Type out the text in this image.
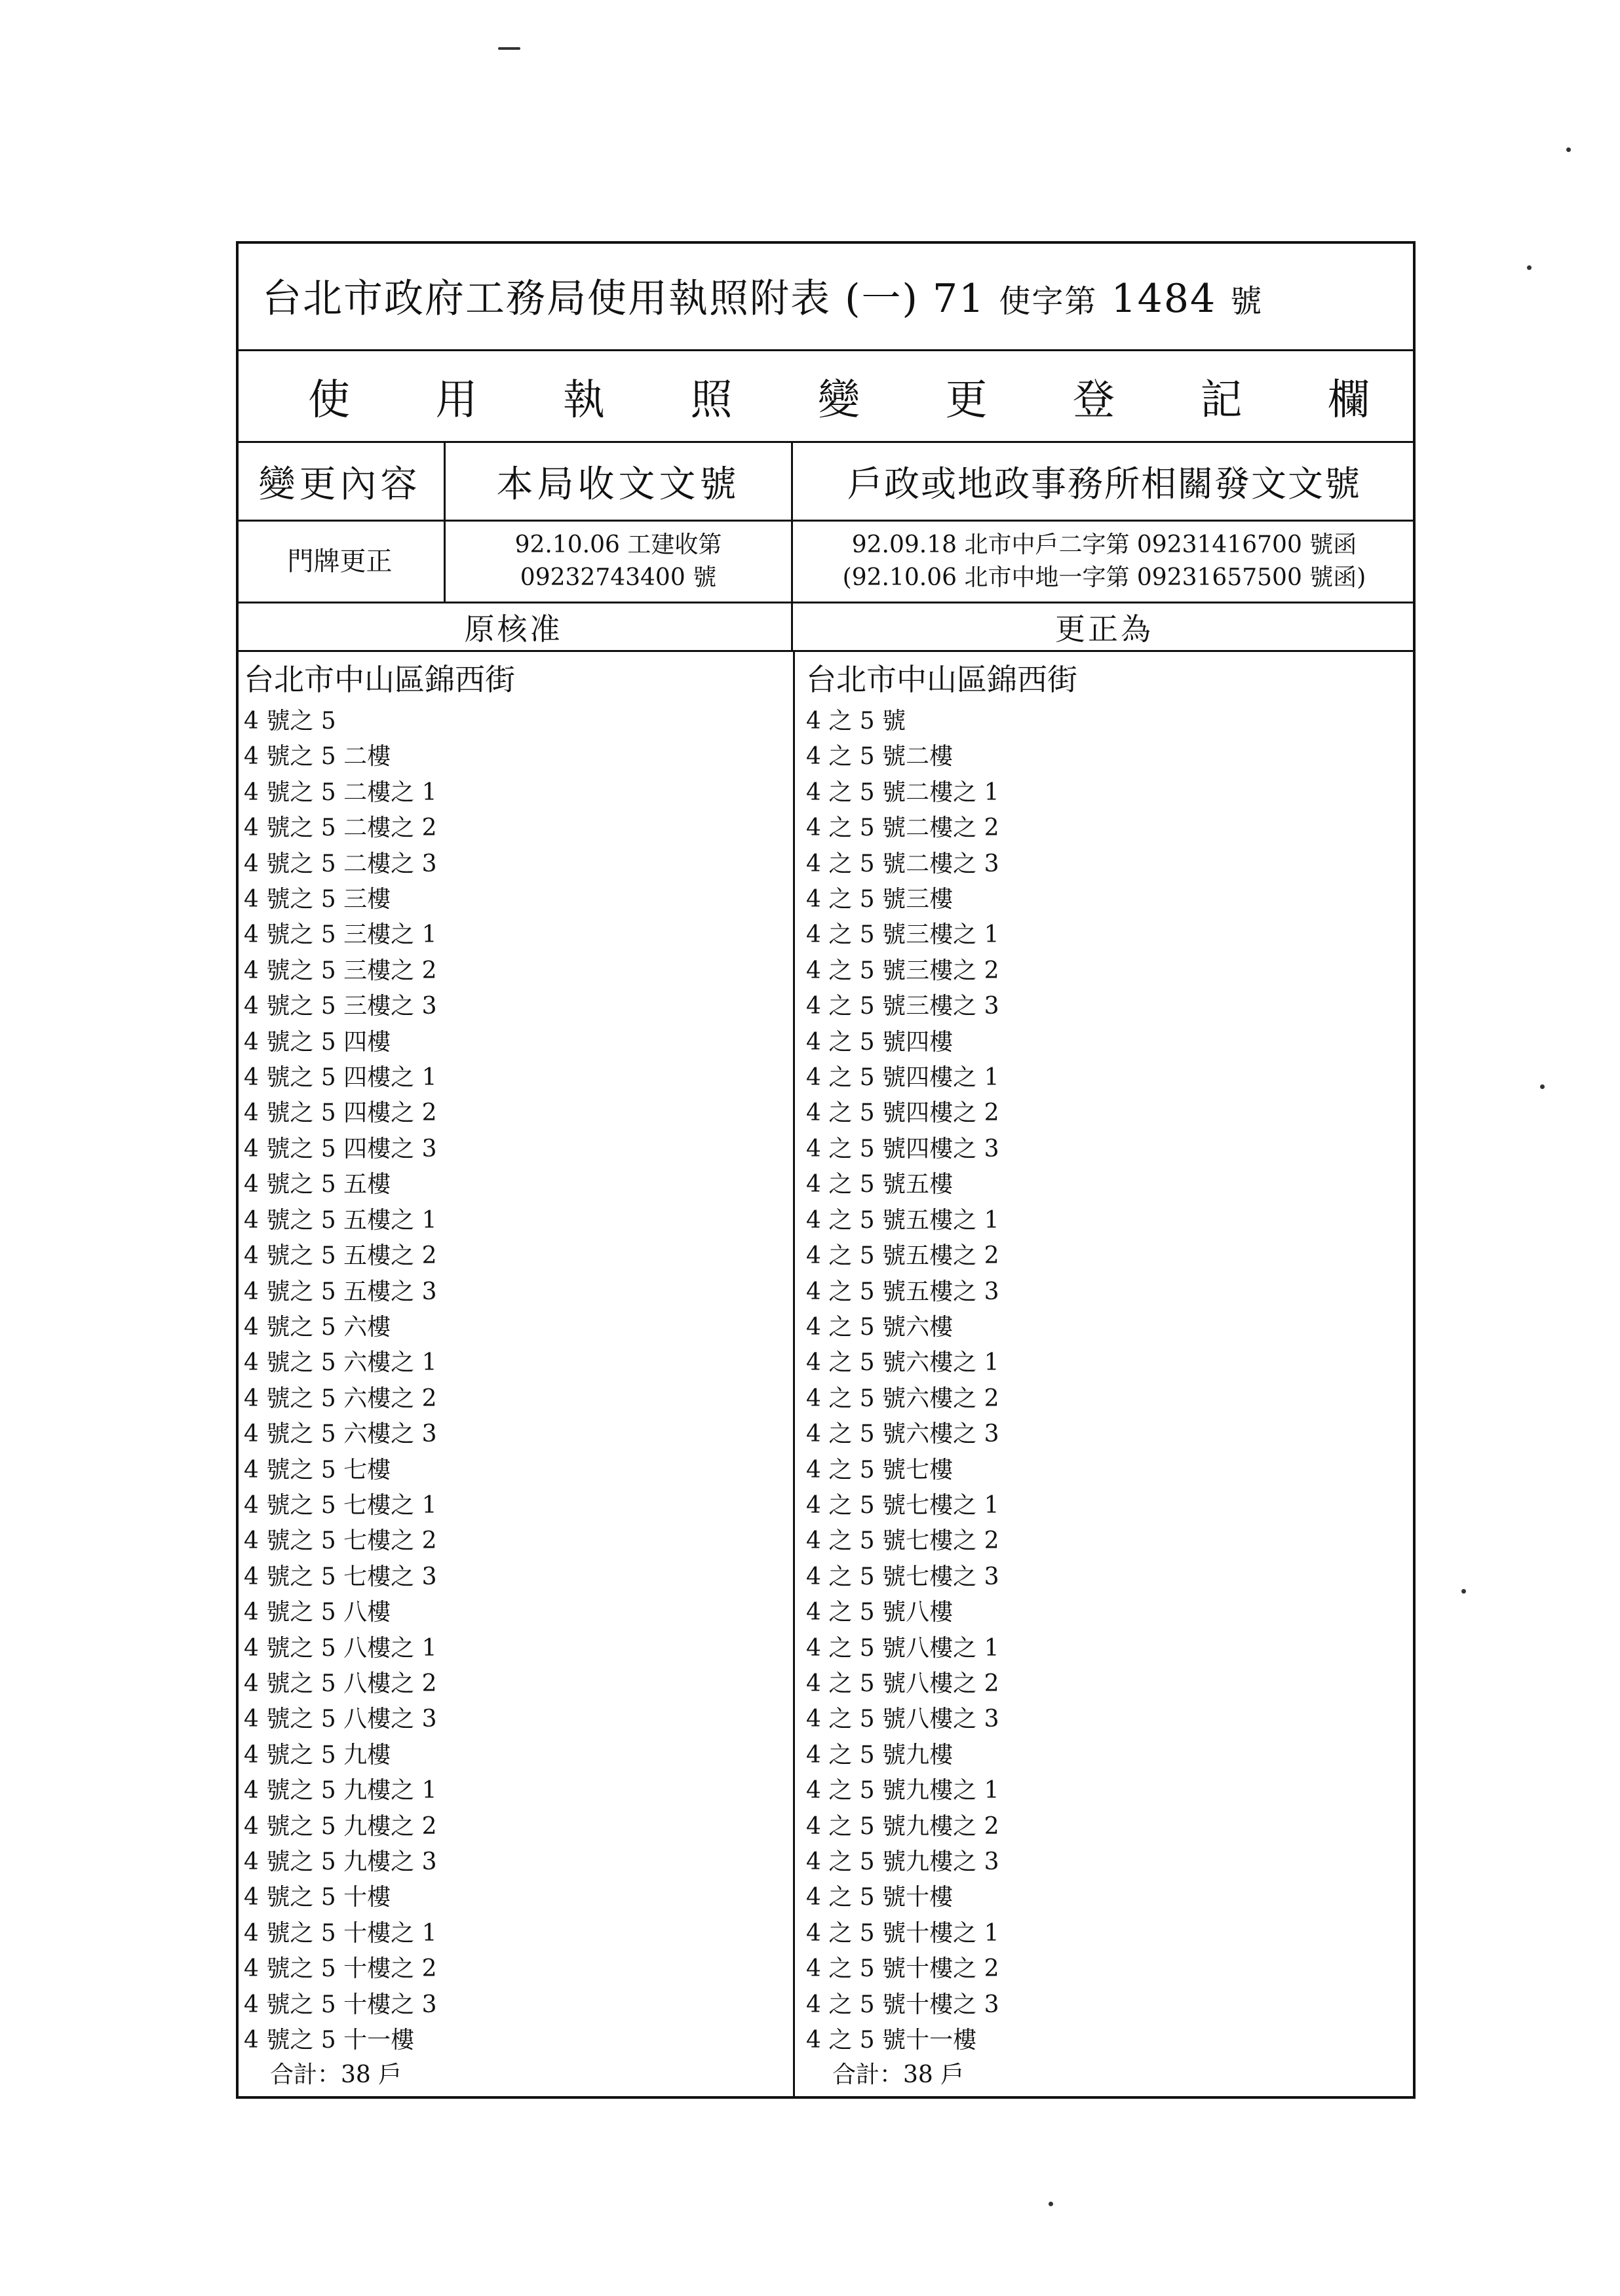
台北市政府工務局使用執照附表 (一) 71 使字第 1484 號
使 用 執 照 變 更 登 記 欄
變更內容 本局收文文號	戶政或地政事務所相關發文文號
門牌更正
92.10.06 工建收第
09232743400 號
92.09.18 北市中戶二字第 09231416700 號函
(92.10.06 北市中地一字第 09231657500 號函)
原核准	更正為
台北市中山區錦西街
4 號之 5
4 號之 5 二樓
4 號之 5 二樓之 1
4 號之 5 二樓之 2
4 號之 5 二樓之 3
4 號之 5 三樓
4 號之 5 三樓之 1
4 號之 5 三樓之 2
4 號之 5 三樓之 3
4 號之 5 四樓
4 號之 5 四樓之 1
4 號之 5 四樓之 2
4 號之 5 四樓之 3
4 號之 5 五樓
4 號之 5 五樓之 1
4 號之 5 五樓之 2
4 號之 5 五樓之 3
4 號之 5 六樓
4 號之 5 六樓之 1
4 號之 5 六樓之 2
4 號之 5 六樓之 3
4 號之 5 七樓
4 號之 5 七樓之 1
4 號之 5 七樓之 2
4 號之 5 七樓之 3
4 號之 5 八樓
4 號之 5 八樓之 1
4 號之 5 八樓之 2
4 號之 5 八樓之 3
4 號之 5 九樓
4 號之 5 九樓之 1
4 號之 5 九樓之 2
4 號之 5 九樓之 3
4 號之 5 十樓
4 號之 5 十樓之 1
4 號之 5 十樓之 2
4 號之 5 十樓之 3
4 號之 5 十一樓
合計：38 戶
台北市中山區錦西街
4 之 5 號
4 之 5 號二樓
4 之 5 號二樓之 1
4 之 5 號二樓之 2
4 之 5 號二樓之 3
4 之 5 號三樓
4 之 5 號三樓之 1
4 之 5 號三樓之 2
4 之 5 號三樓之 3
4 之 5 號四樓
4 之 5 號四樓之 1
4 之 5 號四樓之 2
4 之 5 號四樓之 3
4 之 5 號五樓
4 之 5 號五樓之 1
4 之 5 號五樓之 2
4 之 5 號五樓之 3
4 之 5 號六樓
4 之 5 號六樓之 1
4 之 5 號六樓之 2
4 之 5 號六樓之 3
4 之 5 號七樓
4 之 5 號七樓之 1
4 之 5 號七樓之 2
4 之 5 號七樓之 3
4 之 5 號八樓
4 之 5 號八樓之 1
4 之 5 號八樓之 2
4 之 5 號八樓之 3
4 之 5 號九樓
4 之 5 號九樓之 1
4 之 5 號九樓之 2
4 之 5 號九樓之 3
4 之 5 號十樓
4 之 5 號十樓之 1
4 之 5 號十樓之 2
4 之 5 號十樓之 3
4 之 5 號十一樓
合計：38 戶
